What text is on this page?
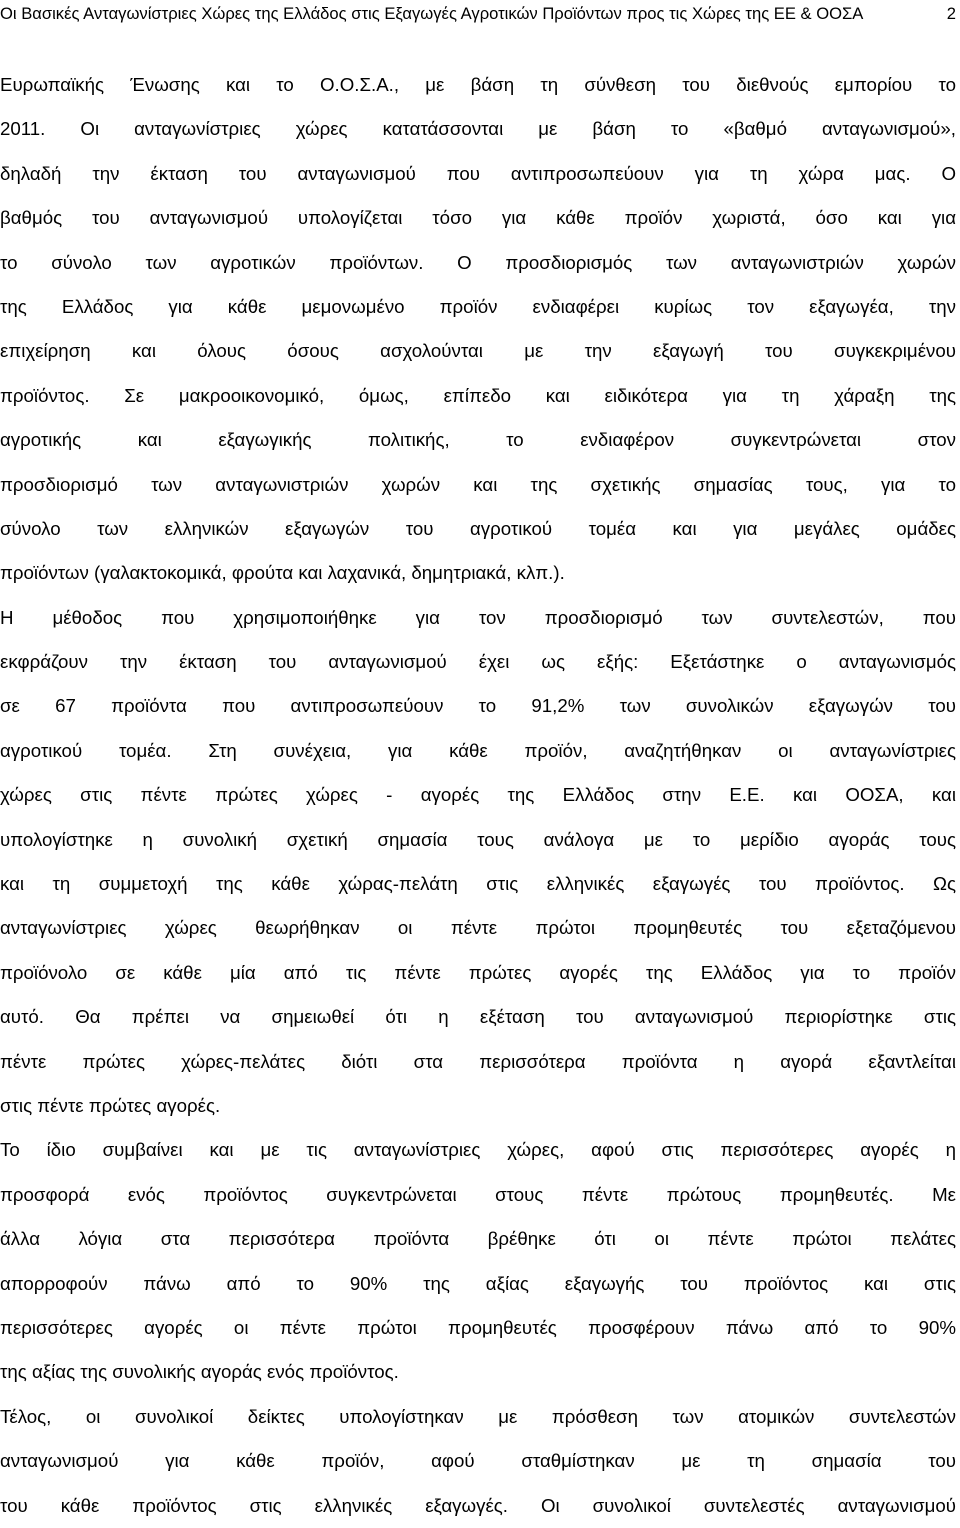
Οι Βασικές Ανταγωνίστριες Χώρες της Ελλάδος στις Εξαγωγές Αγροτικών Προϊόντων προς τις Χώρες της ΕΕ & ΟΟΣΑ	2
Ευρωπαϊκής Ένωσης και το Ο.Ο.Σ.Α., με βάση τη σύνθεση του διεθνούς εμπορίου το
2011. Οι ανταγωνίστριες χώρες κατατάσσονται με βάση το «βαθμό ανταγωνισμού»,
δηλαδή την έκταση του ανταγωνισμού που αντιπροσωπεύουν για τη χώρα μας. Ο
βαθμός του ανταγωνισμού υπολογίζεται τόσο για κάθε προϊόν χωριστά, όσο και για
το σύνολο των αγροτικών προϊόντων. Ο προσδιορισμός των ανταγωνιστριών χωρών
της Ελλάδος για κάθε μεμονωμένο προϊόν ενδιαφέρει κυρίως τον εξαγωγέα, την
επιχείρηση και όλους όσους ασχολούνται με την εξαγωγή του συγκεκριμένου
προϊόντος. Σε μακροοικονομικό, όμως, επίπεδο και ειδικότερα για τη χάραξη της
αγροτικής και εξαγωγικής πολιτικής, το ενδιαφέρον συγκεντρώνεται στον
προσδιορισμό των ανταγωνιστριών χωρών και της σχετικής σημασίας τους, για το
σύνολο των ελληνικών εξαγωγών του αγροτικού τομέα και για μεγάλες ομάδες
προϊόντων (γαλακτοκομικά, φρούτα και λαχανικά, δημητριακά, κλπ.).
Η μέθοδος που χρησιμοποιήθηκε για τον προσδιορισμό των συντελεστών, που
εκφράζουν την έκταση του ανταγωνισμού έχει ως εξής: Εξετάστηκε ο ανταγωνισμός
σε 67 προϊόντα που αντιπροσωπεύουν το 91,2% των συνολικών εξαγωγών του
αγροτικού τομέα. Στη συνέχεια, για κάθε προϊόν, αναζητήθηκαν οι ανταγωνίστριες
χώρες στις πέντε πρώτες χώρες - αγορές της Ελλάδος στην Ε.Ε. και ΟΟΣΑ, και
υπολογίστηκε η συνολική σχετική σημασία τους ανάλογα με το μερίδιο αγοράς τους
και τη συμμετοχή της κάθε χώρας-πελάτη στις ελληνικές εξαγωγές του προϊόντος. Ως
ανταγωνίστριες χώρες θεωρήθηκαν οι πέντε πρώτοι προμηθευτές του εξεταζόμενου
προϊόνολο σε κάθε μία από τις πέντε πρώτες αγορές της Ελλάδος για το προϊόν
αυτό. Θα πρέπει να σημειωθεί ότι η εξέταση του ανταγωνισμού περιορίστηκε στις
πέντε πρώτες χώρες-πελάτες διότι στα περισσότερα προϊόντα η αγορά εξαντλείται
στις πέντε πρώτες αγορές.
Το ίδιο συμβαίνει και με τις ανταγωνίστριες χώρες, αφού στις περισσότερες αγορές η
προσφορά ενός προϊόντος συγκεντρώνεται στους πέντε πρώτους προμηθευτές. Με
άλλα λόγια στα περισσότερα προϊόντα βρέθηκε ότι οι πέντε πρώτοι πελάτες
απορροφούν πάνω από το 90% της αξίας εξαγωγής του προϊόντος και στις
περισσότερες αγορές οι πέντε πρώτοι προμηθευτές προσφέρουν πάνω από το 90%
της αξίας της συνολικής αγοράς ενός προϊόντος.
Τέλος, οι συνολικοί δείκτες υπολογίστηκαν με πρόσθεση των ατομικών συντελεστών
ανταγωνισμού για κάθε προϊόν, αφού σταθμίστηκαν με τη σημασία του
του κάθε προϊόντος στις ελληνικές εξαγωγές. Οι συνολικοί συντελεστές ανταγωνισμού
